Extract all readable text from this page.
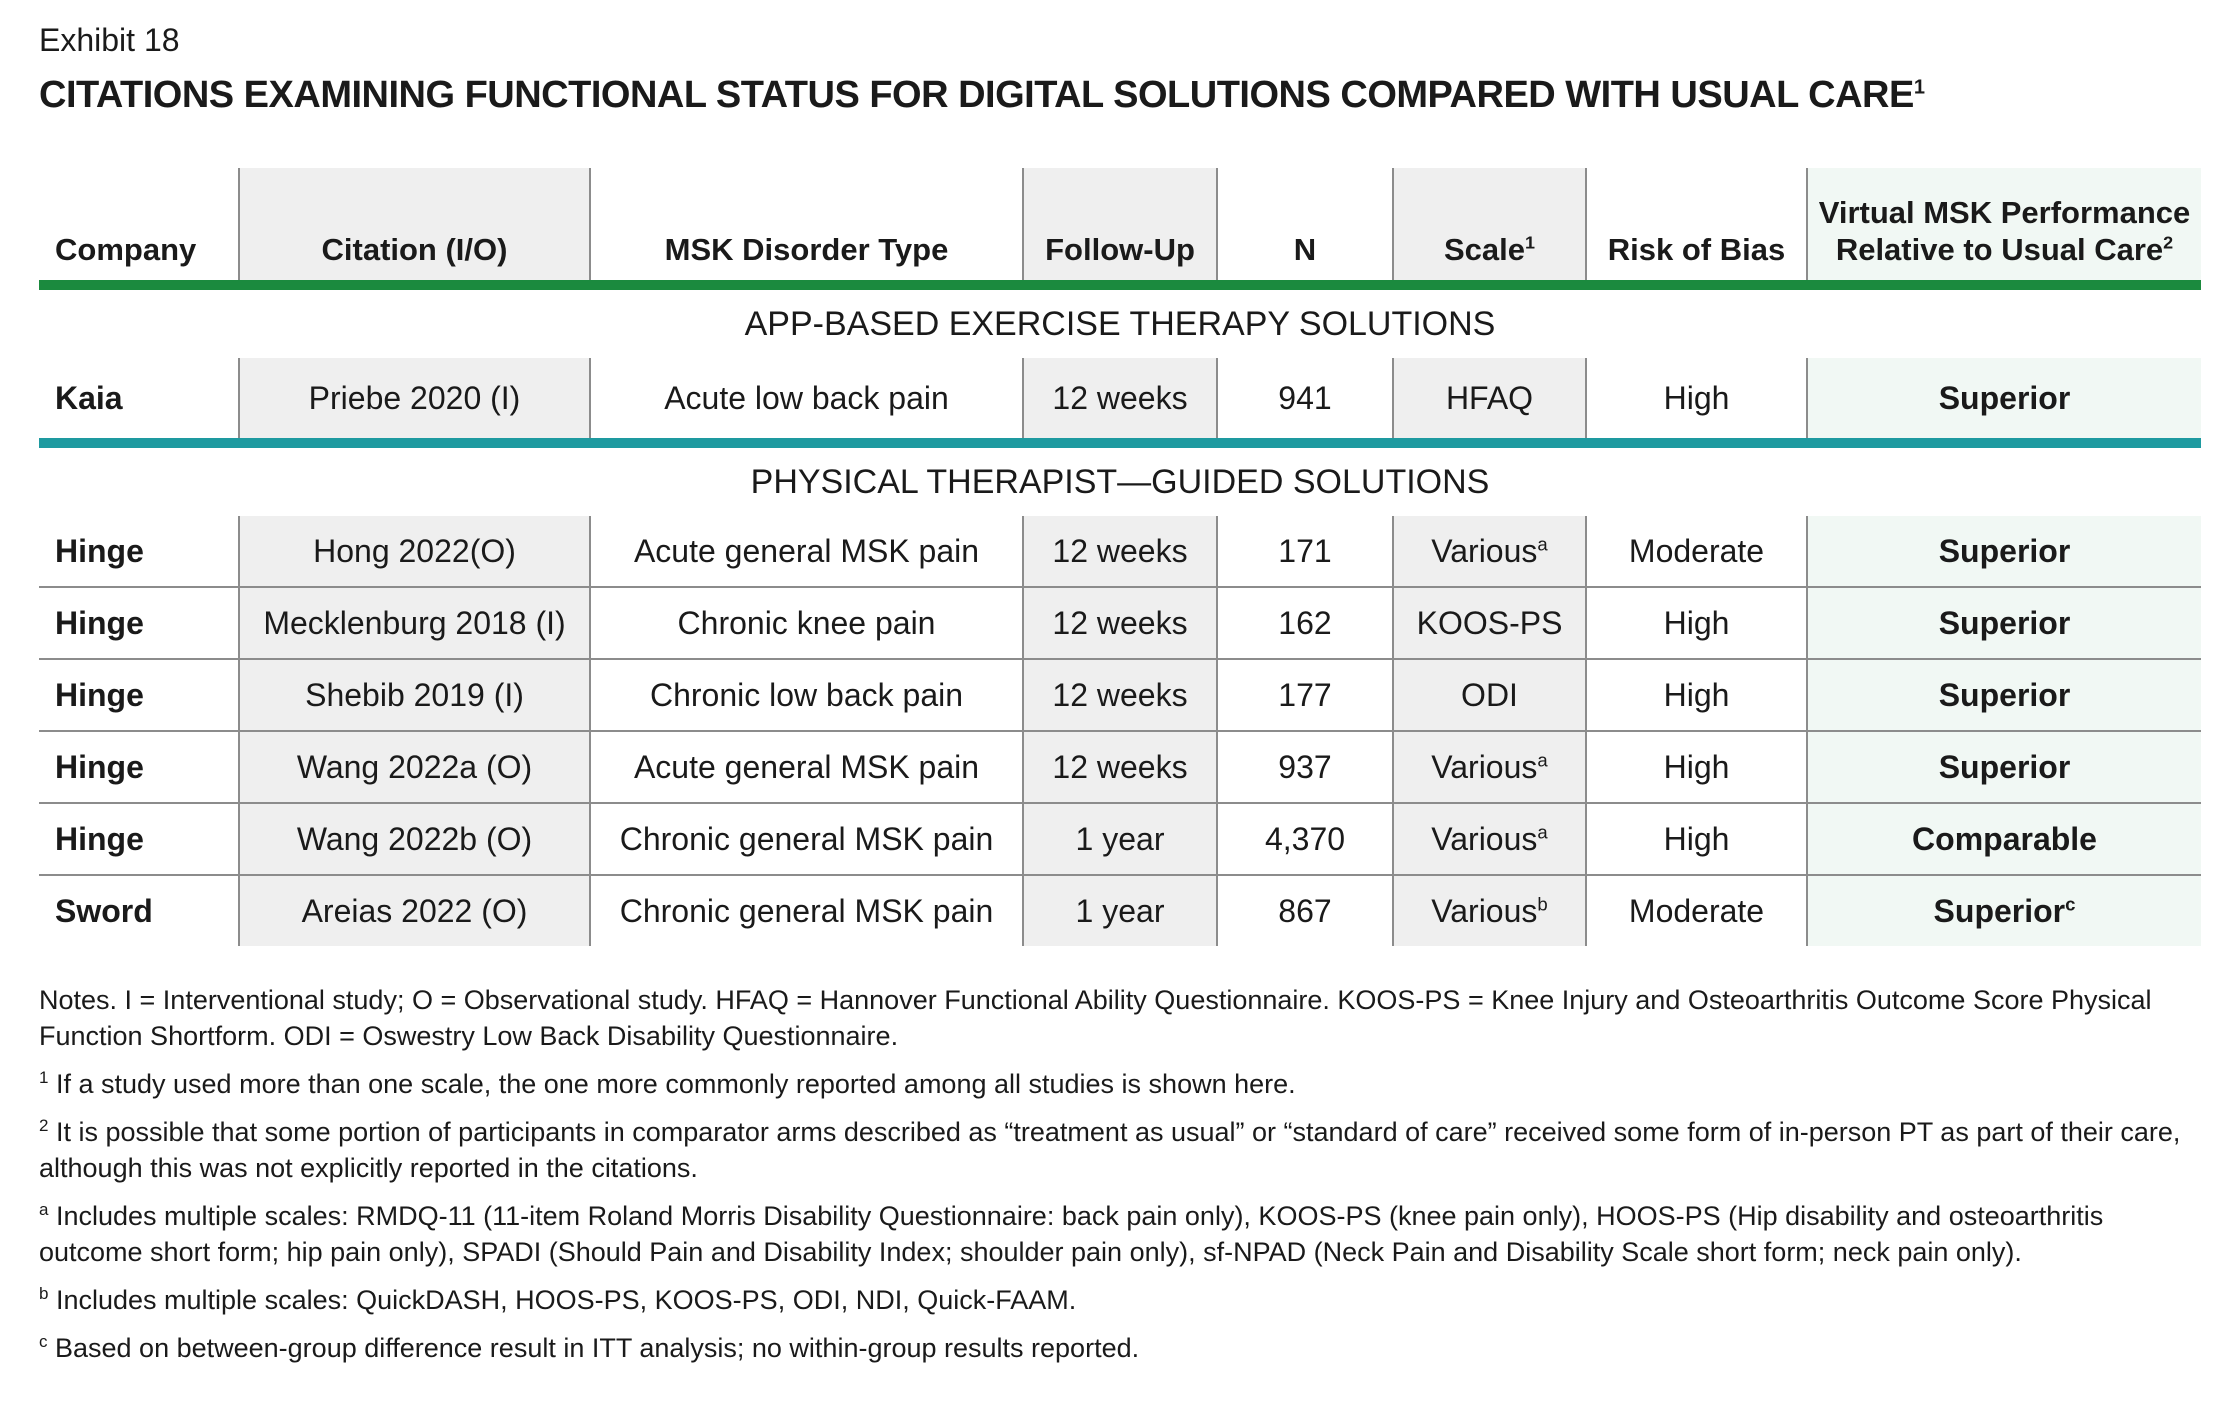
Exhibit 18
CITATIONS EXAMINING FUNCTIONAL STATUS FOR DIGITAL SOLUTIONS COMPARED WITH USUAL CARE$^1$
Company	Citation (I/O)	MSK Disorder Type	Follow-Up	N	Scale$^1$	Risk of Bias	Virtual MSK Performance
Relative to Usual Care$^2$
APP-BASED EXERCISE THERAPY SOLUTIONS							
Kaia	Priebe 2020 (I)	Acute low back pain	12 weeks	941	HFAQ	High	Superior
PHYSICAL THERAPIST—GUIDED SOLUTIONS							
Hinge	Hong 2022(O)	Acute general MSK pain	12 weeks	171	Various$^a$	Moderate	Superior
Hinge	Mecklenburg 2018 (I)	Chronic knee pain	12 weeks	162	KOOS-PS	High	Superior
Hinge	Shebib 2019 (I)	Chronic low back pain	12 weeks	177	ODI	High	Superior
Hinge	Wang 2022a (O)	Acute general MSK pain	12 weeks	937	Various$^a$	High	Superior
Hinge	Wang 2022b (O)	Chronic general MSK pain	1 year	4,370	Various$^a$	High	Comparable
Sword	Areias 2022 (O)	Chronic general MSK pain	1 year	867	Various$^b$	Moderate	Superior$^c$

Notes. I = Interventional study; O = Observational study. HFAQ = Hannover Functional Ability Questionnaire. KOOS-PS = Knee Injury and Osteoarthritis Outcome Score Physical Function Shortform. ODI = Oswestry Low Back Disability Questionnaire.

$^1$ If a study used more than one scale, the one more commonly reported among all studies is shown here.

$^2$ It is possible that some portion of participants in comparator arms described as “treatment as usual” or “standard of care” received some form of in-person PT as part of their care, although this was not explicitly reported in the citations.

$^a$ Includes multiple scales: RMDQ-11 (11-item Roland Morris Disability Questionnaire: back pain only), KOOS-PS (knee pain only), HOOS-PS (Hip disability and osteoarthritis outcome short form; hip pain only), SPADI (Should Pain and Disability Index; shoulder pain only), sf-NPAD (Neck Pain and Disability Scale short form; neck pain only).

$^b$ Includes multiple scales: QuickDASH, HOOS-PS, KOOS-PS, ODI, NDI, Quick-FAAM.

$^c$ Based on between-group difference result in ITT analysis; no within-group results reported.
